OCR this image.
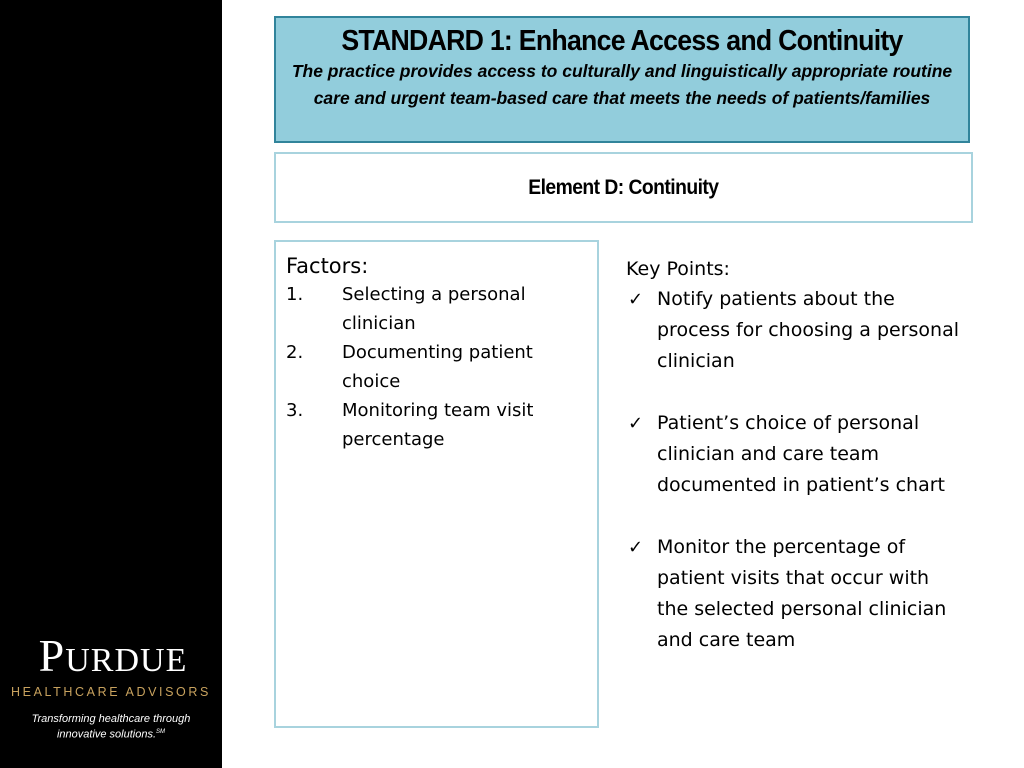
PURDUE
HEALTHCARE ADVISORS
Transforming healthcare through
innovative solutions.℠
STANDARD 1: Enhance Access and Continuity
The practice provides access to culturally and linguistically appropriate routine care and urgent team-based care that meets the needs of patients/families
Element D: Continuity
Factors:
1. Selecting a personal clinician
2. Documenting patient choice
3. Monitoring team visit percentage
Key Points:
✓ Notify patients about the process for choosing a personal clinician
✓ Patient’s choice of personal clinician and care team documented in patient’s chart
✓ Monitor the percentage of patient visits that occur with the selected personal clinician and care team
